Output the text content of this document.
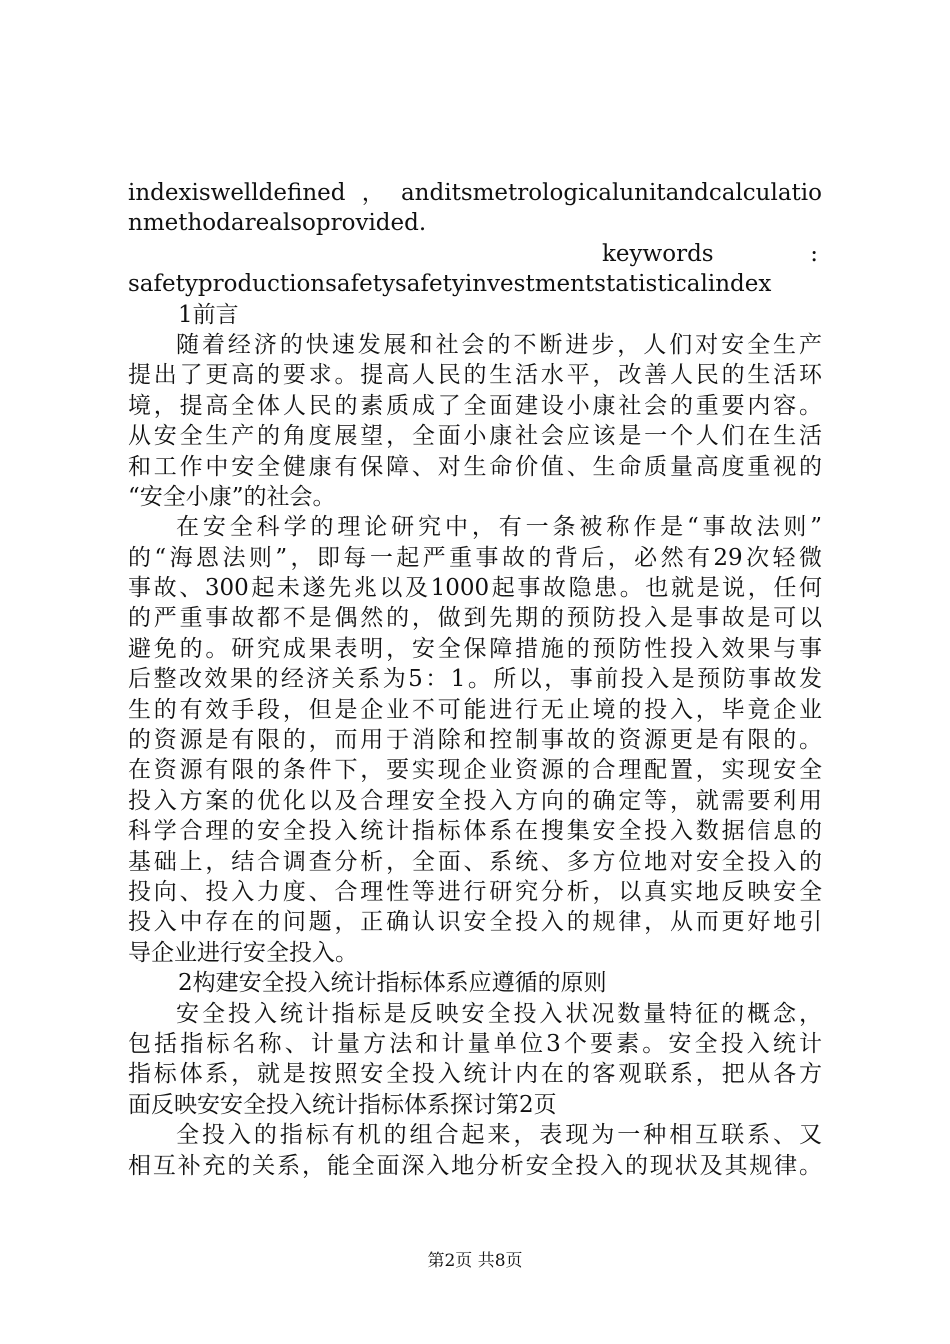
indexiswelldefined，anditsmetrologicalunitandcalculatio
nmethodarealsoprovided.
keywords	:
safetyproductionsafetysafetyinvestmentstatisticalindex
1前言
随着经济的快速发展和社会的不断进步，人们对安全生产
提出了更高的要求。提高人民的生活水平，改善人民的生活环
境，提高全体人民的素质成了全面建设小康社会的重要内容。
从安全生产的角度展望，全面小康社会应该是一个人们在生活
和工作中安全健康有保障、对生命价值、生命质量高度重视的
“安全小康”的社会。
在安全科学的理论研究中，有一条被称作是“事故法则”
的“海恩法则”，即每一起严重事故的背后，必然有29次轻微
事故、300起未遂先兆以及1000起事故隐患。也就是说，任何
的严重事故都不是偶然的，做到先期的预防投入是事故是可以
避免的。研究成果表明，安全保障措施的预防性投入效果与事
后整改效果的经济关系为5：1。所以，事前投入是预防事故发
生的有效手段，但是企业不可能进行无止境的投入，毕竟企业
的资源是有限的，而用于消除和控制事故的资源更是有限的。
在资源有限的条件下，要实现企业资源的合理配置，实现安全
投入方案的优化以及合理安全投入方向的确定等，就需要利用
科学合理的安全投入统计指标体系在搜集安全投入数据信息的
基础上，结合调查分析，全面、系统、多方位地对安全投入的
投向、投入力度、合理性等进行研究分析，以真实地反映安全
投入中存在的问题，正确认识安全投入的规律，从而更好地引
导企业进行安全投入。
2构建安全投入统计指标体系应遵循的原则
安全投入统计指标是反映安全投入状况数量特征的概念，
包括指标名称、计量方法和计量单位3个要素。安全投入统计
指标体系，就是按照安全投入统计内在的客观联系，把从各方
面反映安安全投入统计指标体系探讨第2页
全投入的指标有机的组合起来，表现为一种相互联系、又
相互补充的关系，能全面深入地分析安全投入的现状及其规律。
第2页 共8页
